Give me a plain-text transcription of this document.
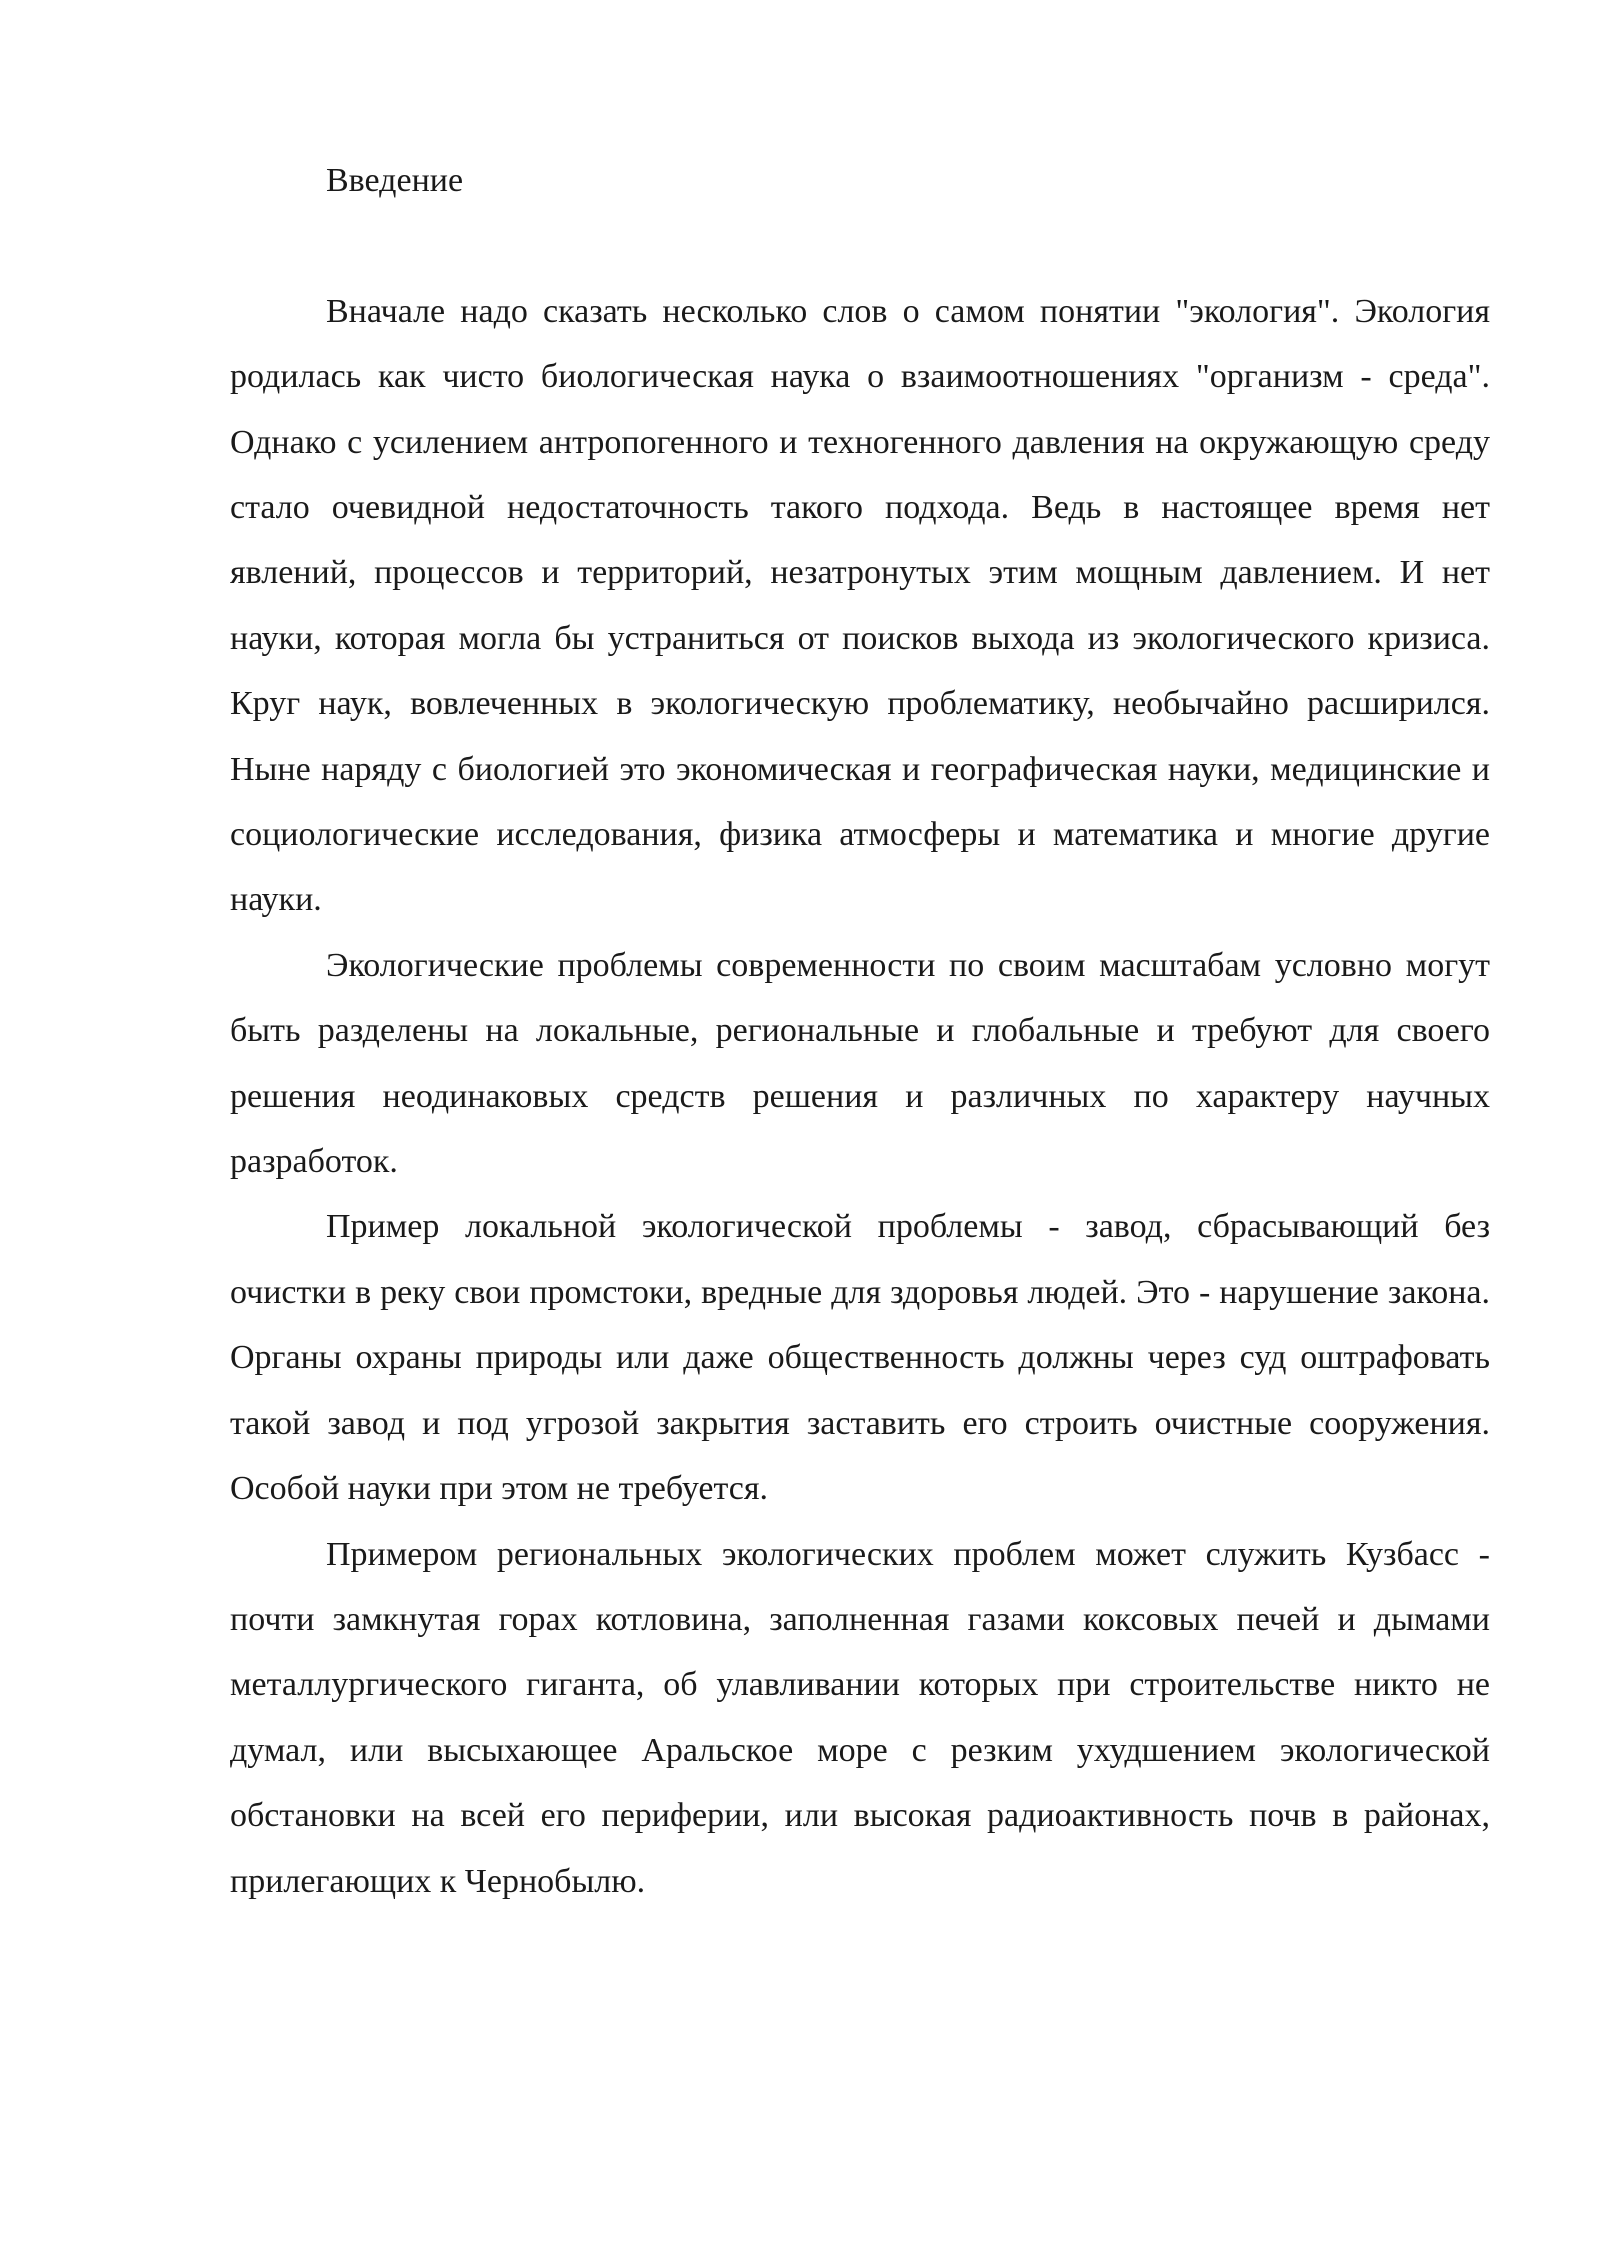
Введение

Вначале надо сказать несколько слов о самом понятии "экология". Экология родилась как чисто биологическая наука о взаимоотношениях "организм - среда". Однако с усилением антропогенного и техногенного давления на окружающую среду стало очевидной недостаточность такого подхода. Ведь в настоящее время нет явлений, процессов и территорий, незатронутых этим мощным давлением. И нет науки, которая могла бы устраниться от поисков выхода из экологического кризиса. Круг наук, вовлеченных в экологическую проблематику, необычайно расширился. Ныне наряду с биологией это экономическая и географическая науки, медицинские и социологические исследования, физика атмосферы и математика и многие другие науки.

Экологические проблемы современности по своим масштабам условно могут быть разделены на локальные, региональные и глобальные и требуют для своего решения неодинаковых средств решения и различных по характеру научных разработок.

Пример локальной экологической проблемы - завод, сбрасывающий без очистки в реку свои промстоки, вредные для здоровья людей. Это - нарушение закона. Органы охраны природы или даже общественность должны через суд оштрафовать такой завод и под угрозой закрытия заставить его строить очистные сооружения. Особой науки при этом не требуется.

Примером региональных экологических проблем может служить Кузбасс - почти замкнутая горах котловина, заполненная газами коксовых печей и дымами металлургического гиганта, об улавливании которых при строительстве никто не думал, или высыхающее Аральское море с резким ухудшением экологической обстановки на всей его периферии, или высокая радиоактивность почв в районах, прилегающих к Чернобылю.
